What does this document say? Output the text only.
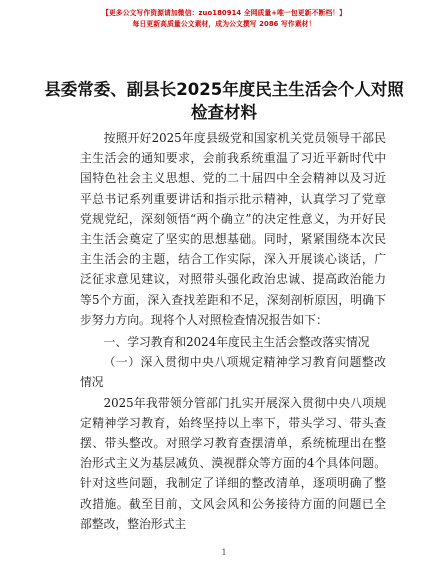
【更多公文写作资源请加微信：zuo180914 全网质量+唯一包更新不断档！】
每日更新高质量公文素材，成为公文撰写 2086 写作素材！
县委常委、副县长2025年度民主生活会个人对照检查材料

按照开好2025年度县级党和国家机关党员领导干部民主生活会的通知要求，会前我系统重温了习近平新时代中国特色社会主义思想、党的二十届四中全会精神以及习近平总书记系列重要讲话和指示批示精神，认真学习了党章党规党纪，深刻领悟“两个确立”的决定性意义，为开好民主生活会奠定了坚实的思想基础。同时，紧紧围绕本次民主生活会的主题，结合工作实际，深入开展谈心谈话，广泛征求意见建议，对照带头强化政治忠诚、提高政治能力等5个方面，深入查找差距和不足，深刻剖析原因，明确下步努力方向。现将个人对照检查情况报告如下：

一、学习教育和2024年度民主生活会整改落实情况

（一）深入贯彻中央八项规定精神学习教育问题整改情况

2025年我带领分管部门扎实开展深入贯彻中央八项规定精神学习教育，始终坚持以上率下，带头学习、带头查摆、带头整改。对照学习教育查摆清单，系统梳理出在整治形式主义为基层减负、漠视群众等方面的4个具体问题。针对这些问题，我制定了详细的整改清单，逐项明确了整改措施。截至目前，文风会风和公务接待方面的问题已全部整改，整治形式主

1
